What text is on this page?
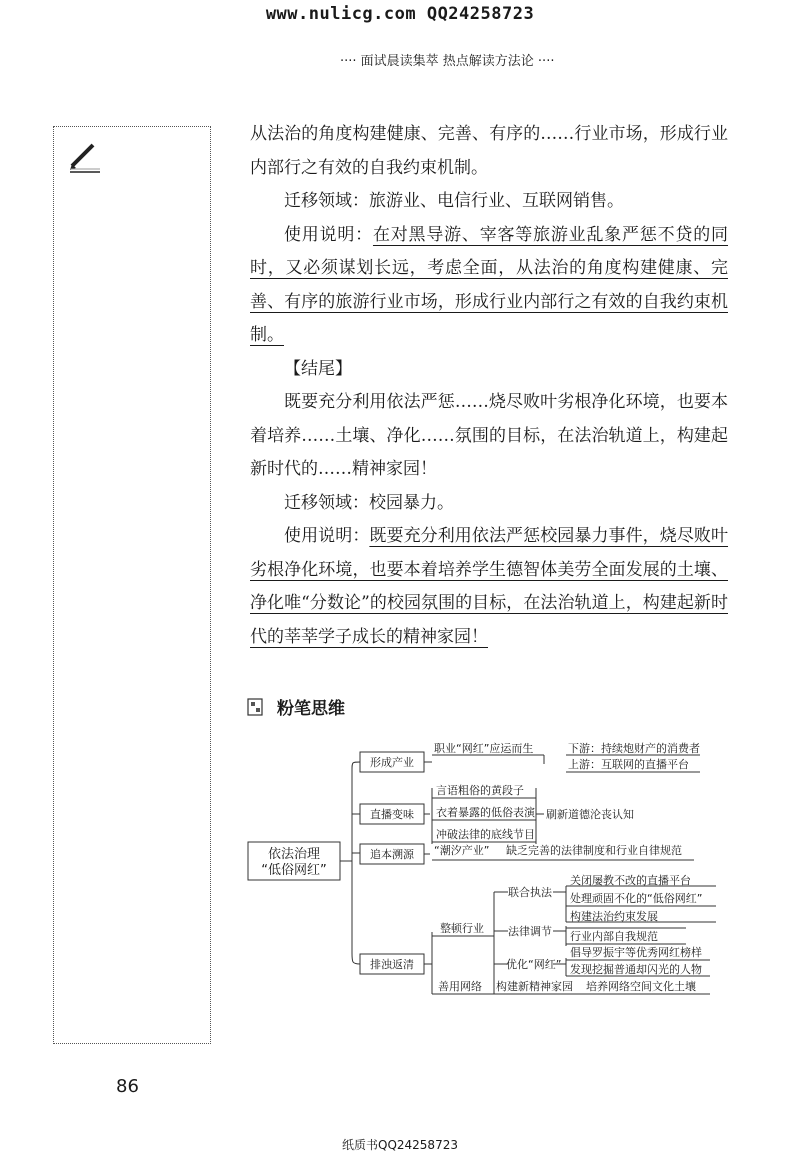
www.nulicg.com QQ24258723
···· 面试晨读集萃 热点解读方法论 ····

从法治的角度构建健康、完善、有序的……行业市场，形成行业内部行之有效的自我约束机制。

迁移领域：旅游业、电信行业、互联网销售。

使用说明：在对黑导游、宰客等旅游业乱象严惩不贷的同时，又必须谋划长远，考虑全面，从法治的角度构建健康、完善、有序的旅游行业市场，形成行业内部行之有效的自我约束机制。

【结尾】

既要充分利用依法严惩……烧尽败叶劣根净化环境，也要本着培养……土壤、净化……氛围的目标，在法治轨道上，构建起新时代的……精神家园！

迁移领域：校园暴力。

使用说明：既要充分利用依法严惩校园暴力事件，烧尽败叶劣根净化环境，也要本着培养学生德智体美劳全面发展的土壤、净化唯“分数论”的校园氛围的目标，在法治轨道上，构建起新时代的莘莘学子成长的精神家园！

粉笔思维
依法治理
“低俗网红”
形成产业
职业“网红”应运而生	下游：持续炮财产的消费者
上游：互联网的直播平台
直播变味
言语粗俗的黄段子
衣着暴露的低俗表演
冲破法律的底线节目
刷新道德沦丧认知
追本溯源 “潮汐产业” 缺乏完善的法律制度和行业自律规范
排浊返清
整顿行业
联合执法
关闭屡教不改的直播平台
处理顽固不化的“低俗网红”
法律调节
构建法治约束发展
行业内部自我规范
优化“网红”
倡导罗振宇等优秀网红榜样
发现挖掘普通却闪光的人物
善用网络 构建新精神家园 培养网络空间文化土壤
86
纸质书QQ24258723
